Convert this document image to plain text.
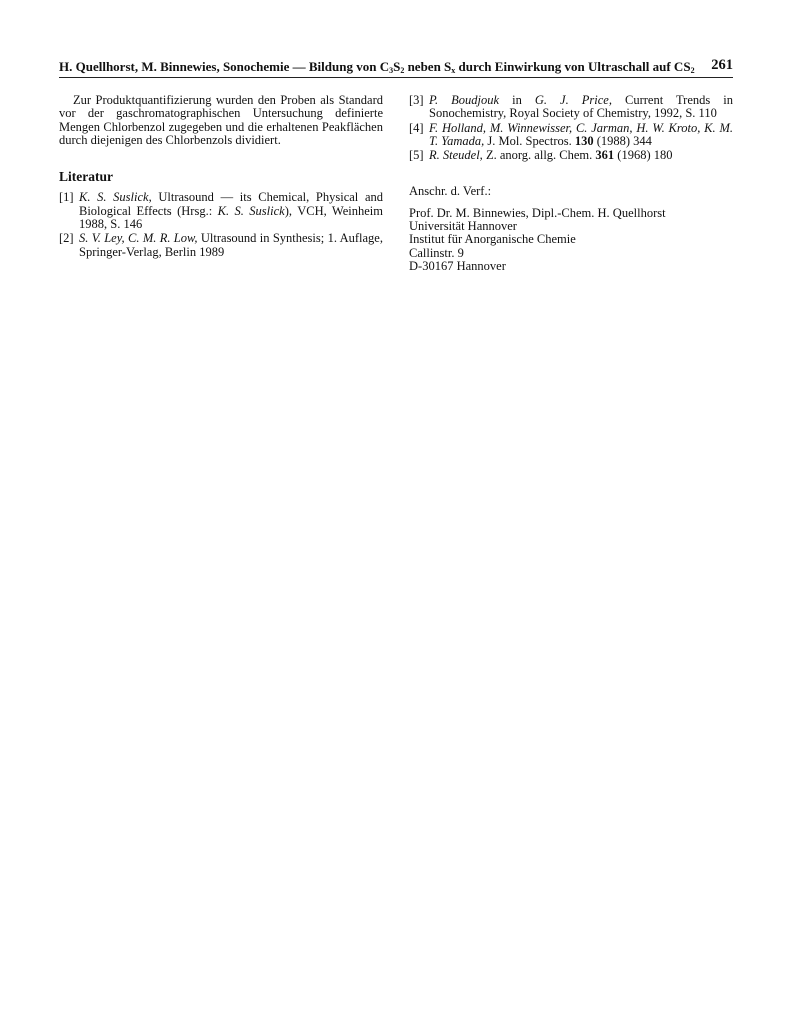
H. Quellhorst, M. Binnewies, Sonochemie — Bildung von $C_3S_2$ neben $S_x$ durch Einwirkung von Ultraschall auf $CS_2$ 261

Zur Produktquantifizierung wurden den Proben als Standard vor der gaschromatographischen Untersuchung definierte Mengen Chlorbenzol zugegeben und die erhaltenen Peakflächen durch diejenigen des Chlorbenzols dividiert.

Literatur

[1] K. S. Suslick, Ultrasound — its Chemical, Physical and Biological Effects (Hrsg.: K. S. Suslick), VCH, Weinheim 1988, S. 146
[2] S. V. Ley, C. M. R. Low, Ultrasound in Synthesis; 1. Auflage, Springer-Verlag, Berlin 1989
[3] P. Boudjouk in G. J. Price, Current Trends in Sonochemistry, Royal Society of Chemistry, 1992, S. 110
[4] F. Holland, M. Winnewisser, C. Jarman, H. W. Kroto, K. M. T. Yamada, J. Mol. Spectros. 130 (1988) 344
[5] R. Steudel, Z. anorg. allg. Chem. 361 (1968) 180

Anschr. d. Verf.:

Prof. Dr. M. Binnewies, Dipl.-Chem. H. Quellhorst
Universität Hannover
Institut für Anorganische Chemie
Callinstr. 9
D-30167 Hannover
